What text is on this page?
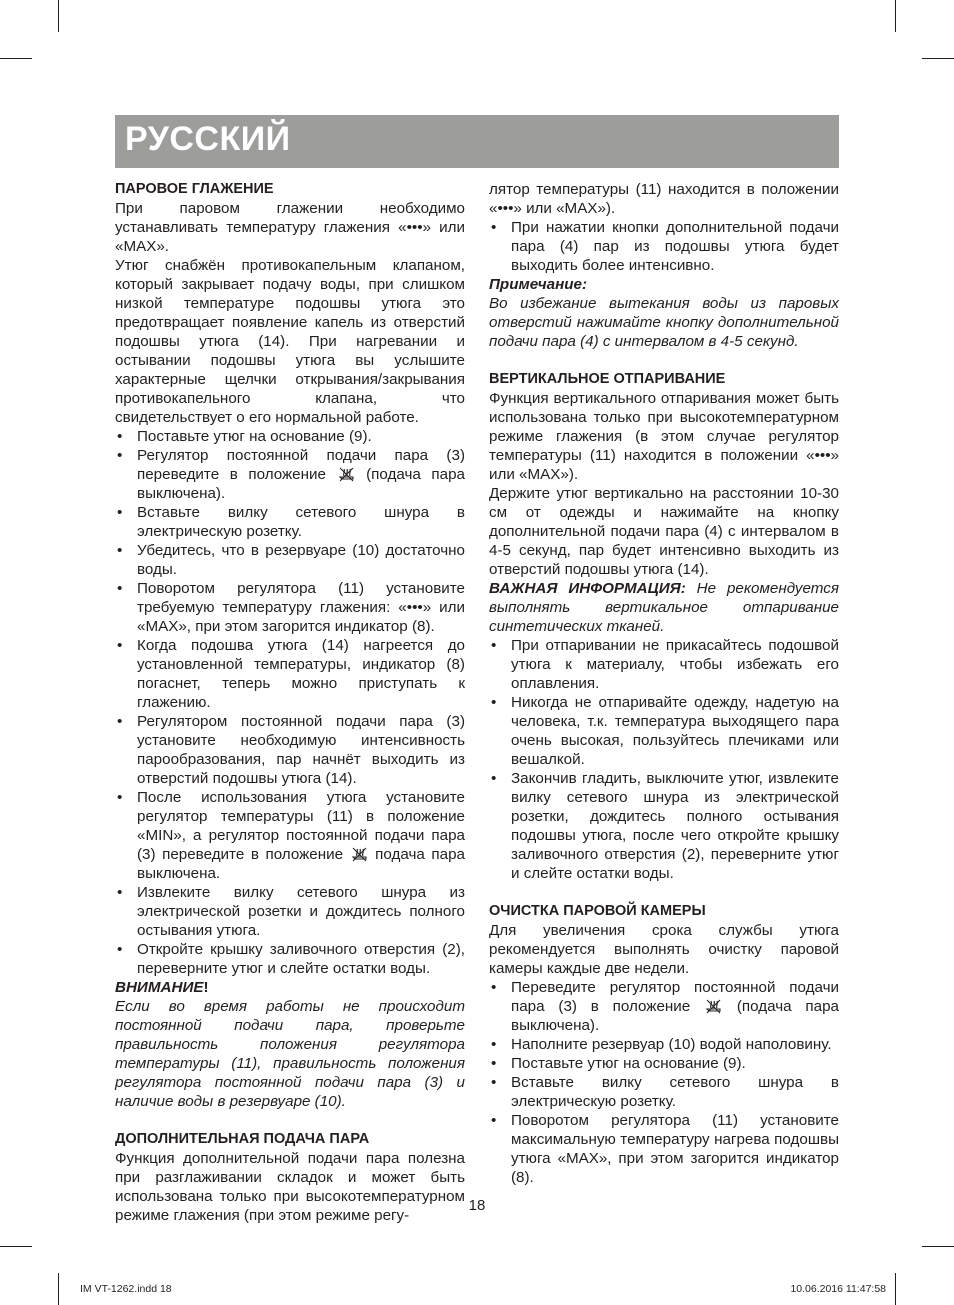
РУССКИЙ

ПАРОВОЕ ГЛАЖЕНИЕ

При паровом глажении необходимо устанавливать температуру глажения «•••» или «MAX».

Утюг снабжён противокапельным клапаном, который закрывает подачу воды, при слишком низкой температуре подошвы утюга это предотвращает появление капель из отверстий подошвы утюга (14). При нагревании и остывании подошвы утюга вы услышите характерные щелчки открывания/закрывания противокапельного клапана, что свидетельствует о его нормальной работе.

• Поставьте утюг на основание (9).
• Регулятор постоянной подачи пара (3) переведите в положение	(подача пара выключена).
• Вставьте вилку сетевого шнура в электрическую розетку.
• Убедитесь, что в резервуаре (10) достаточно воды.
• Поворотом регулятора (11) установите требуемую температуру глажения: «•••» или «MAX», при этом загорится индикатор (8).
• Когда подошва утюга (14) нагреется до установленной температуры, индикатор (8) погаснет, теперь можно приступать к глажению.
• Регулятором постоянной подачи пара (3) установите необходимую интенсивность парообразования, пар начнёт выходить из отверстий подошвы утюга (14).
• После использования утюга установите регулятор температуры (11) в положение «MIN», а регулятор постоянной подачи пара (3) переведите в положение подача пара выключена.
• Извлеките вилку сетевого шнура из электрической розетки и дождитесь полного остывания утюга.
• Откройте крышку заливочного отверстия (2), переверните утюг и слейте остатки воды.

ВНИМАНИЕ!

Если во время работы не происходит постоянной подачи пара, проверьте правильность положения регулятора температуры (11), правильность положения регулятора постоянной подачи пара (3) и наличие воды в резервуаре (10).

ДОПОЛНИТЕЛЬНАЯ ПОДАЧА ПАРА

Функция дополнительной подачи пара полезна при разглаживании складок и может быть использована только при высокотемпературном режиме глажения (при этом режиме регу-

лятор температуры (11) находится в положении «•••» или «MAX»).

• При нажатии кнопки дополнительной подачи пара (4) пар из подошвы утюга будет выходить более интенсивно.

Примечание:

Во избежание вытекания воды из паровых отверстий нажимайте кнопку дополнительной подачи пара (4) с интервалом в 4-5 секунд.

ВЕРТИКАЛЬНОЕ ОТПАРИВАНИЕ

Функция вертикального отпаривания может быть использована только при высокотемпературном режиме глажения (в этом случае регулятор температуры (11) находится в положении «•••» или «MAX»).

Держите утюг вертикально на расстоянии 10-30 см от одежды и нажимайте на кнопку дополнительной подачи пара (4) с интервалом в 4-5 секунд, пар будет интенсивно выходить из отверстий подошвы утюга (14).

ВАЖНАЯ ИНФОРМАЦИЯ: Не рекомендуется выполнять вертикальное отпаривание синтетических тканей.

• При отпаривании не прикасайтесь подошвой утюга к материалу, чтобы избежать его оплавления.
• Никогда не отпаривайте одежду, надетую на человека, т.к. температура выходящего пара очень высокая, пользуйтесь плечиками или вешалкой.
• Закончив гладить, выключите утюг, извлеките вилку сетевого шнура из электрической розетки, дождитесь полного остывания подошвы утюга, после чего откройте крышку заливочного отверстия (2), переверните утюг и слейте остатки воды.

ОЧИСТКА ПАРОВОЙ КАМЕРЫ

Для увеличения срока службы утюга рекомендуется выполнять очистку паровой камеры каждые две недели.

• Переведите регулятор постоянной подачи пара (3) в положение	(подача пара выключена).
• Наполните резервуар (10) водой наполовину.
• Поставьте утюг на основание (9).
• Вставьте вилку сетевого шнура в электрическую розетку.
• Поворотом регулятора (11) установите максимальную температуру нагрева подошвы утюга «MAX», при этом загорится индикатор (8).
18
IM VT-1262.indd 18	10.06.2016 11:47:58
